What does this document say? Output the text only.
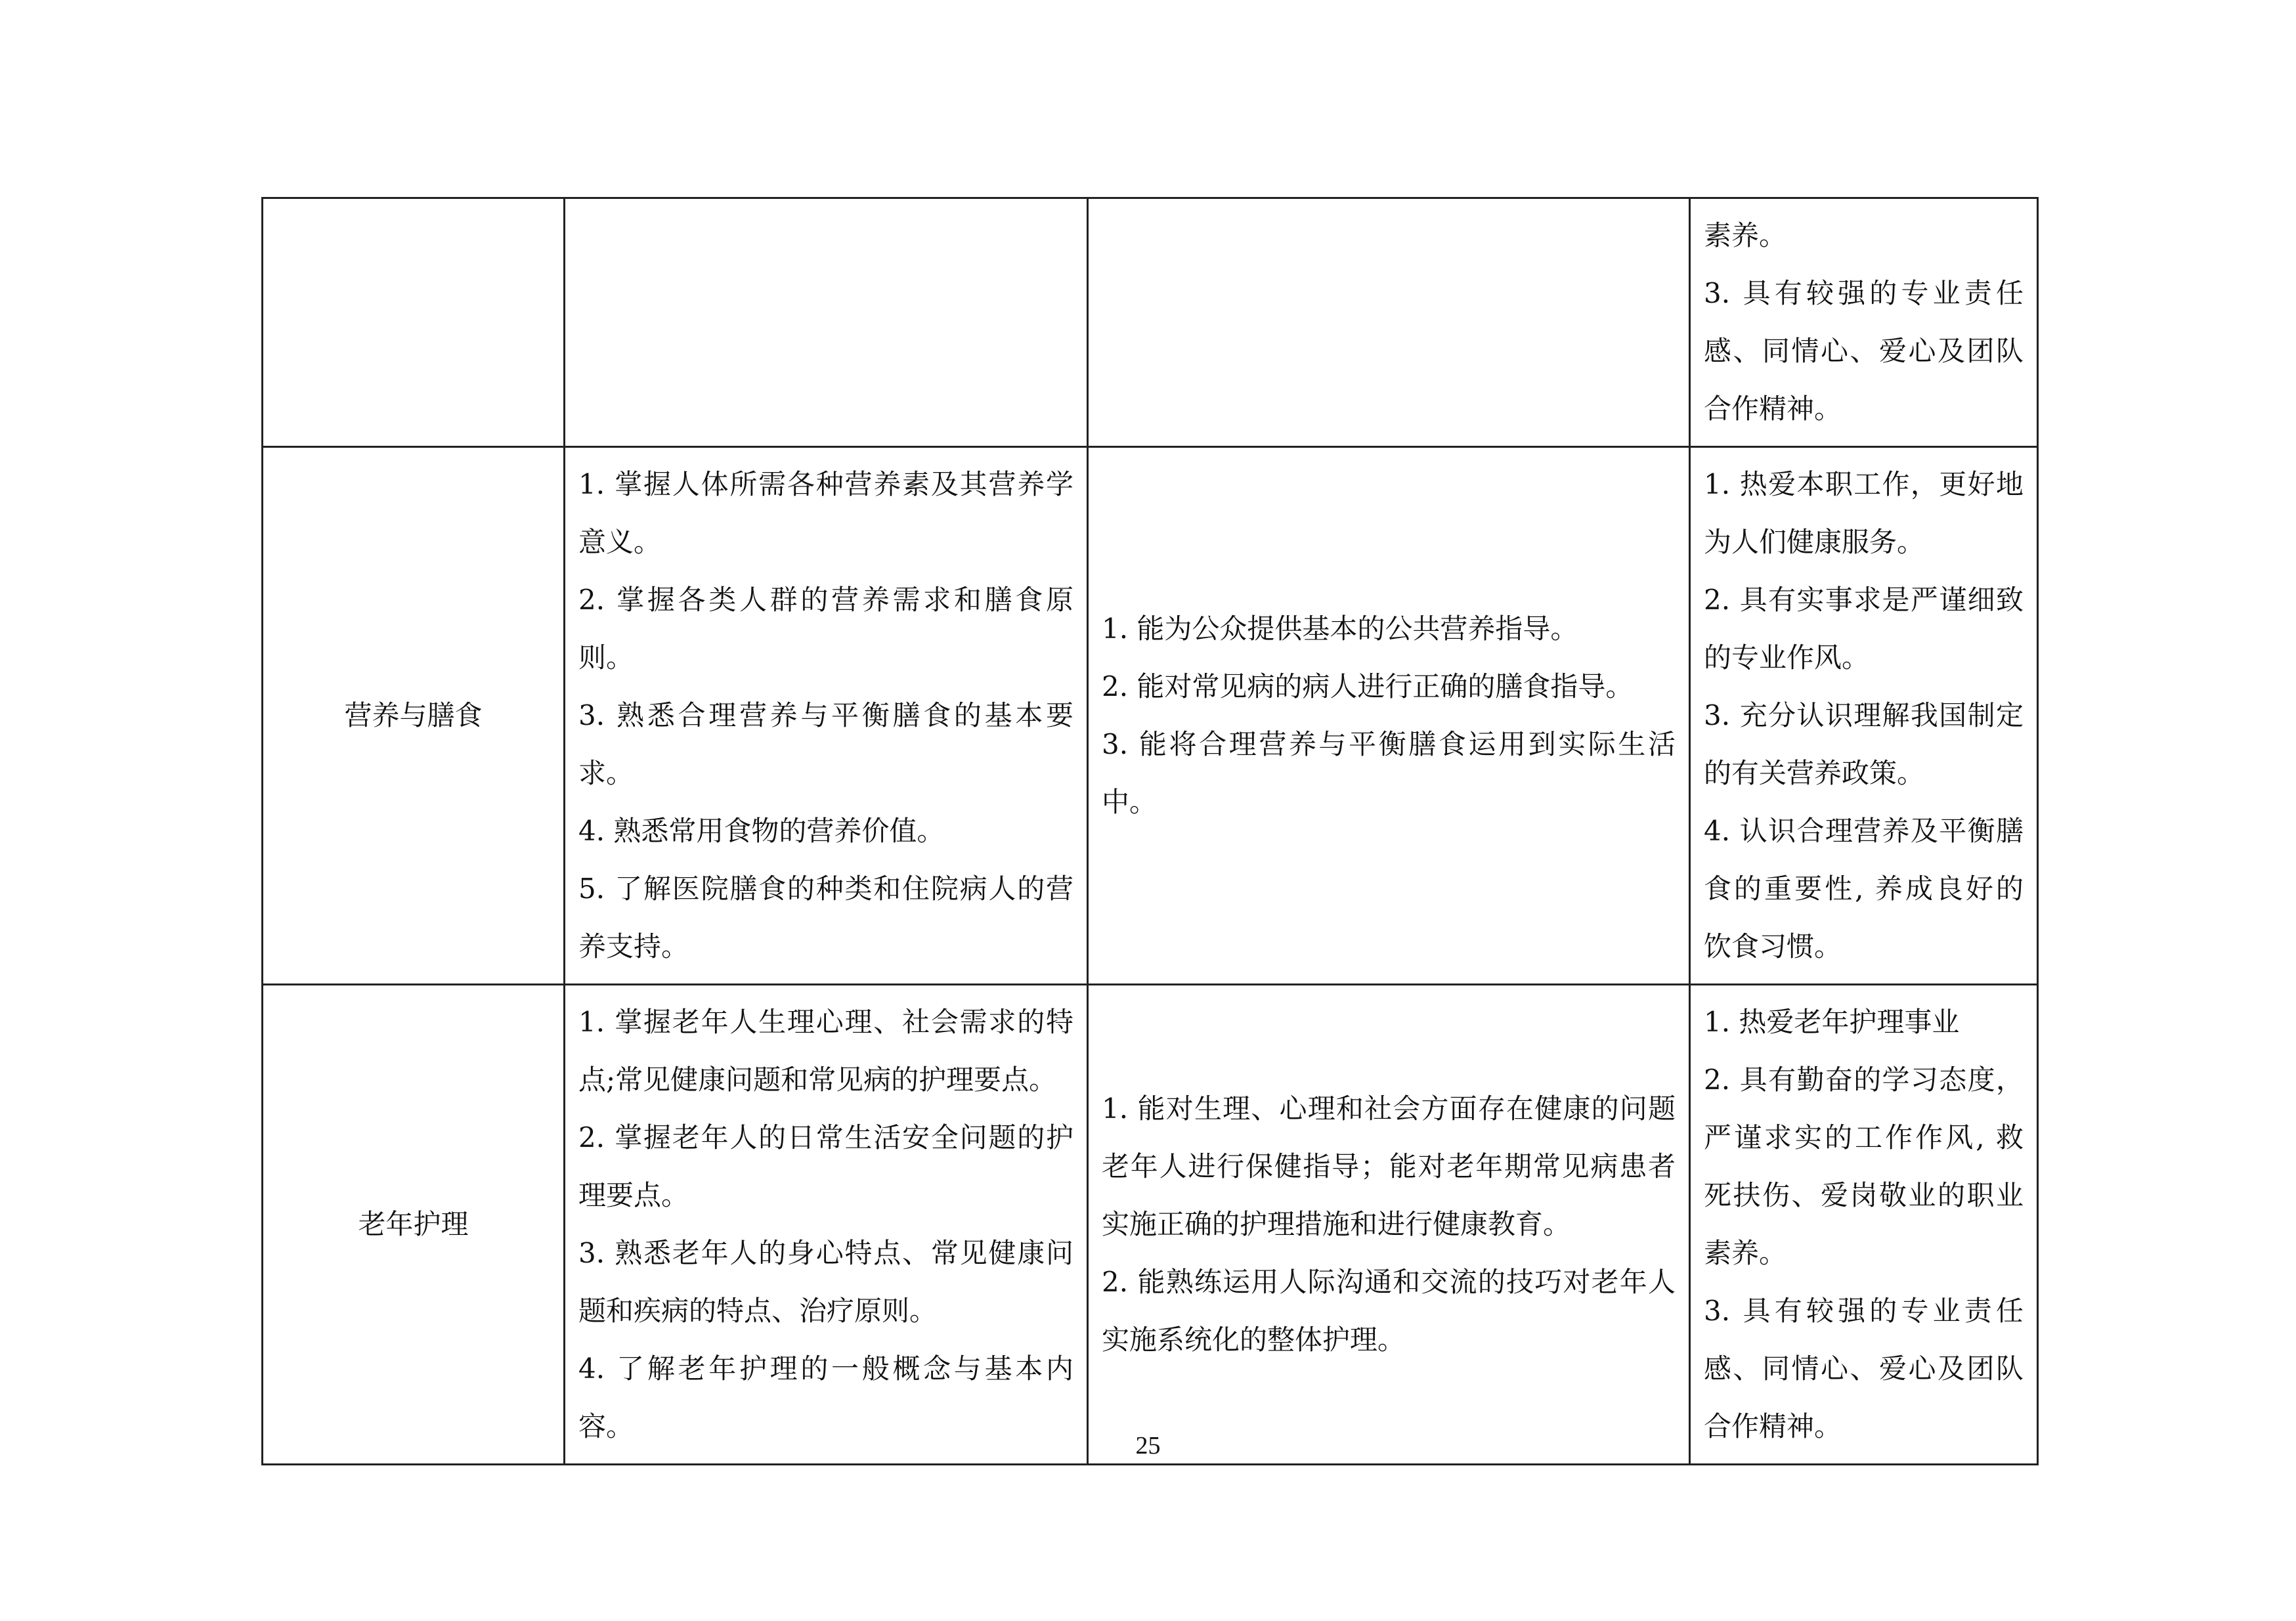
			素养。
3. 具有较强的专业责任感、同情心、爱心及团队合作精神。

营养与膳食	1. 掌握人体所需各种营养素及其营养学意义。
2. 掌握各类人群的营养需求和膳食原则。
3. 熟悉合理营养与平衡膳食的基本要求。
4. 熟悉常用食物的营养价值。
5. 了解医院膳食的种类和住院病人的营养支持。	1. 能为公众提供基本的公共营养指导。
2. 能对常见病的病人进行正确的膳食指导。
3. 能将合理营养与平衡膳食运用到实际生活中。	1. 热爱本职工作，更好地为人们健康服务。
2. 具有实事求是严谨细致的专业作风。
3. 充分认识理解我国制定的有关营养政策。
4. 认识合理营养及平衡膳食的重要性, 养成良好的饮食习惯。

老年护理	1. 掌握老年人生理心理、社会需求的特点;常见健康问题和常见病的护理要点。
2. 掌握老年人的日常生活安全问题的护理要点。
3. 熟悉老年人的身心特点、常见健康问题和疾病的特点、治疗原则。
4. 了解老年护理的一般概念与基本内容。	1. 能对生理、心理和社会方面存在健康的问题老年人进行保健指导；能对老年期常见病患者实施正确的护理措施和进行健康教育。
2. 能熟练运用人际沟通和交流的技巧对老年人实施系统化的整体护理。	1. 热爱老年护理事业
2. 具有勤奋的学习态度，严谨求实的工作作风, 救死扶伤、爱岗敬业的职业素养。
3. 具有较强的专业责任感、同情心、爱心及团队合作精神。
25
